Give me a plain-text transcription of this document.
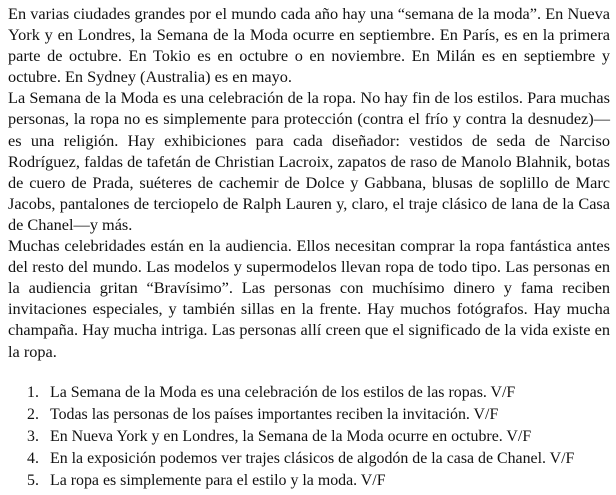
En varias ciudades grandes por el mundo cada año hay una “semana de la moda”. En Nueva York y en Londres, la Semana de la Moda ocurre en septiembre. En París, es en la primera parte de octubre. En Tokio es en octubre o en noviembre. En Milán es en septiembre y octubre. En Sydney (Australia) es en mayo.

La Semana de la Moda es una celebración de la ropa. No hay fin de los estilos. Para muchas personas, la ropa no es simplemente para protección (contra el frío y contra la desnudez)—es una religión. Hay exhibiciones para cada diseñador: vestidos de seda de Narciso Rodríguez, faldas de tafetán de Christian Lacroix, zapatos de raso de Manolo Blahnik, botas de cuero de Prada, suéteres de cachemir de Dolce y Gabbana, blusas de soplillo de Marc Jacobs, pantalones de terciopelo de Ralph Lauren y, claro, el traje clásico de lana de la Casa de Chanel—y más.

Muchas celebridades están en la audiencia. Ellos necesitan comprar la ropa fantástica antes del resto del mundo. Las modelos y supermodelos llevan ropa de todo tipo. Las personas en la audiencia gritan “Bravísimo”. Las personas con muchísimo dinero y fama reciben invitaciones especiales, y también sillas en la frente. Hay muchos fotógrafos. Hay mucha champaña. Hay mucha intriga. Las personas allí creen que el significado de la vida existe en la ropa.

1. La Semana de la Moda es una celebración de los estilos de las ropas. V/F
2. Todas las personas de los países importantes reciben la invitación. V/F
3. En Nueva York y en Londres, la Semana de la Moda ocurre en octubre. V/F
4. En la exposición podemos ver trajes clásicos de algodón de la casa de Chanel. V/F
5. La ropa es simplemente para el estilo y la moda. V/F
